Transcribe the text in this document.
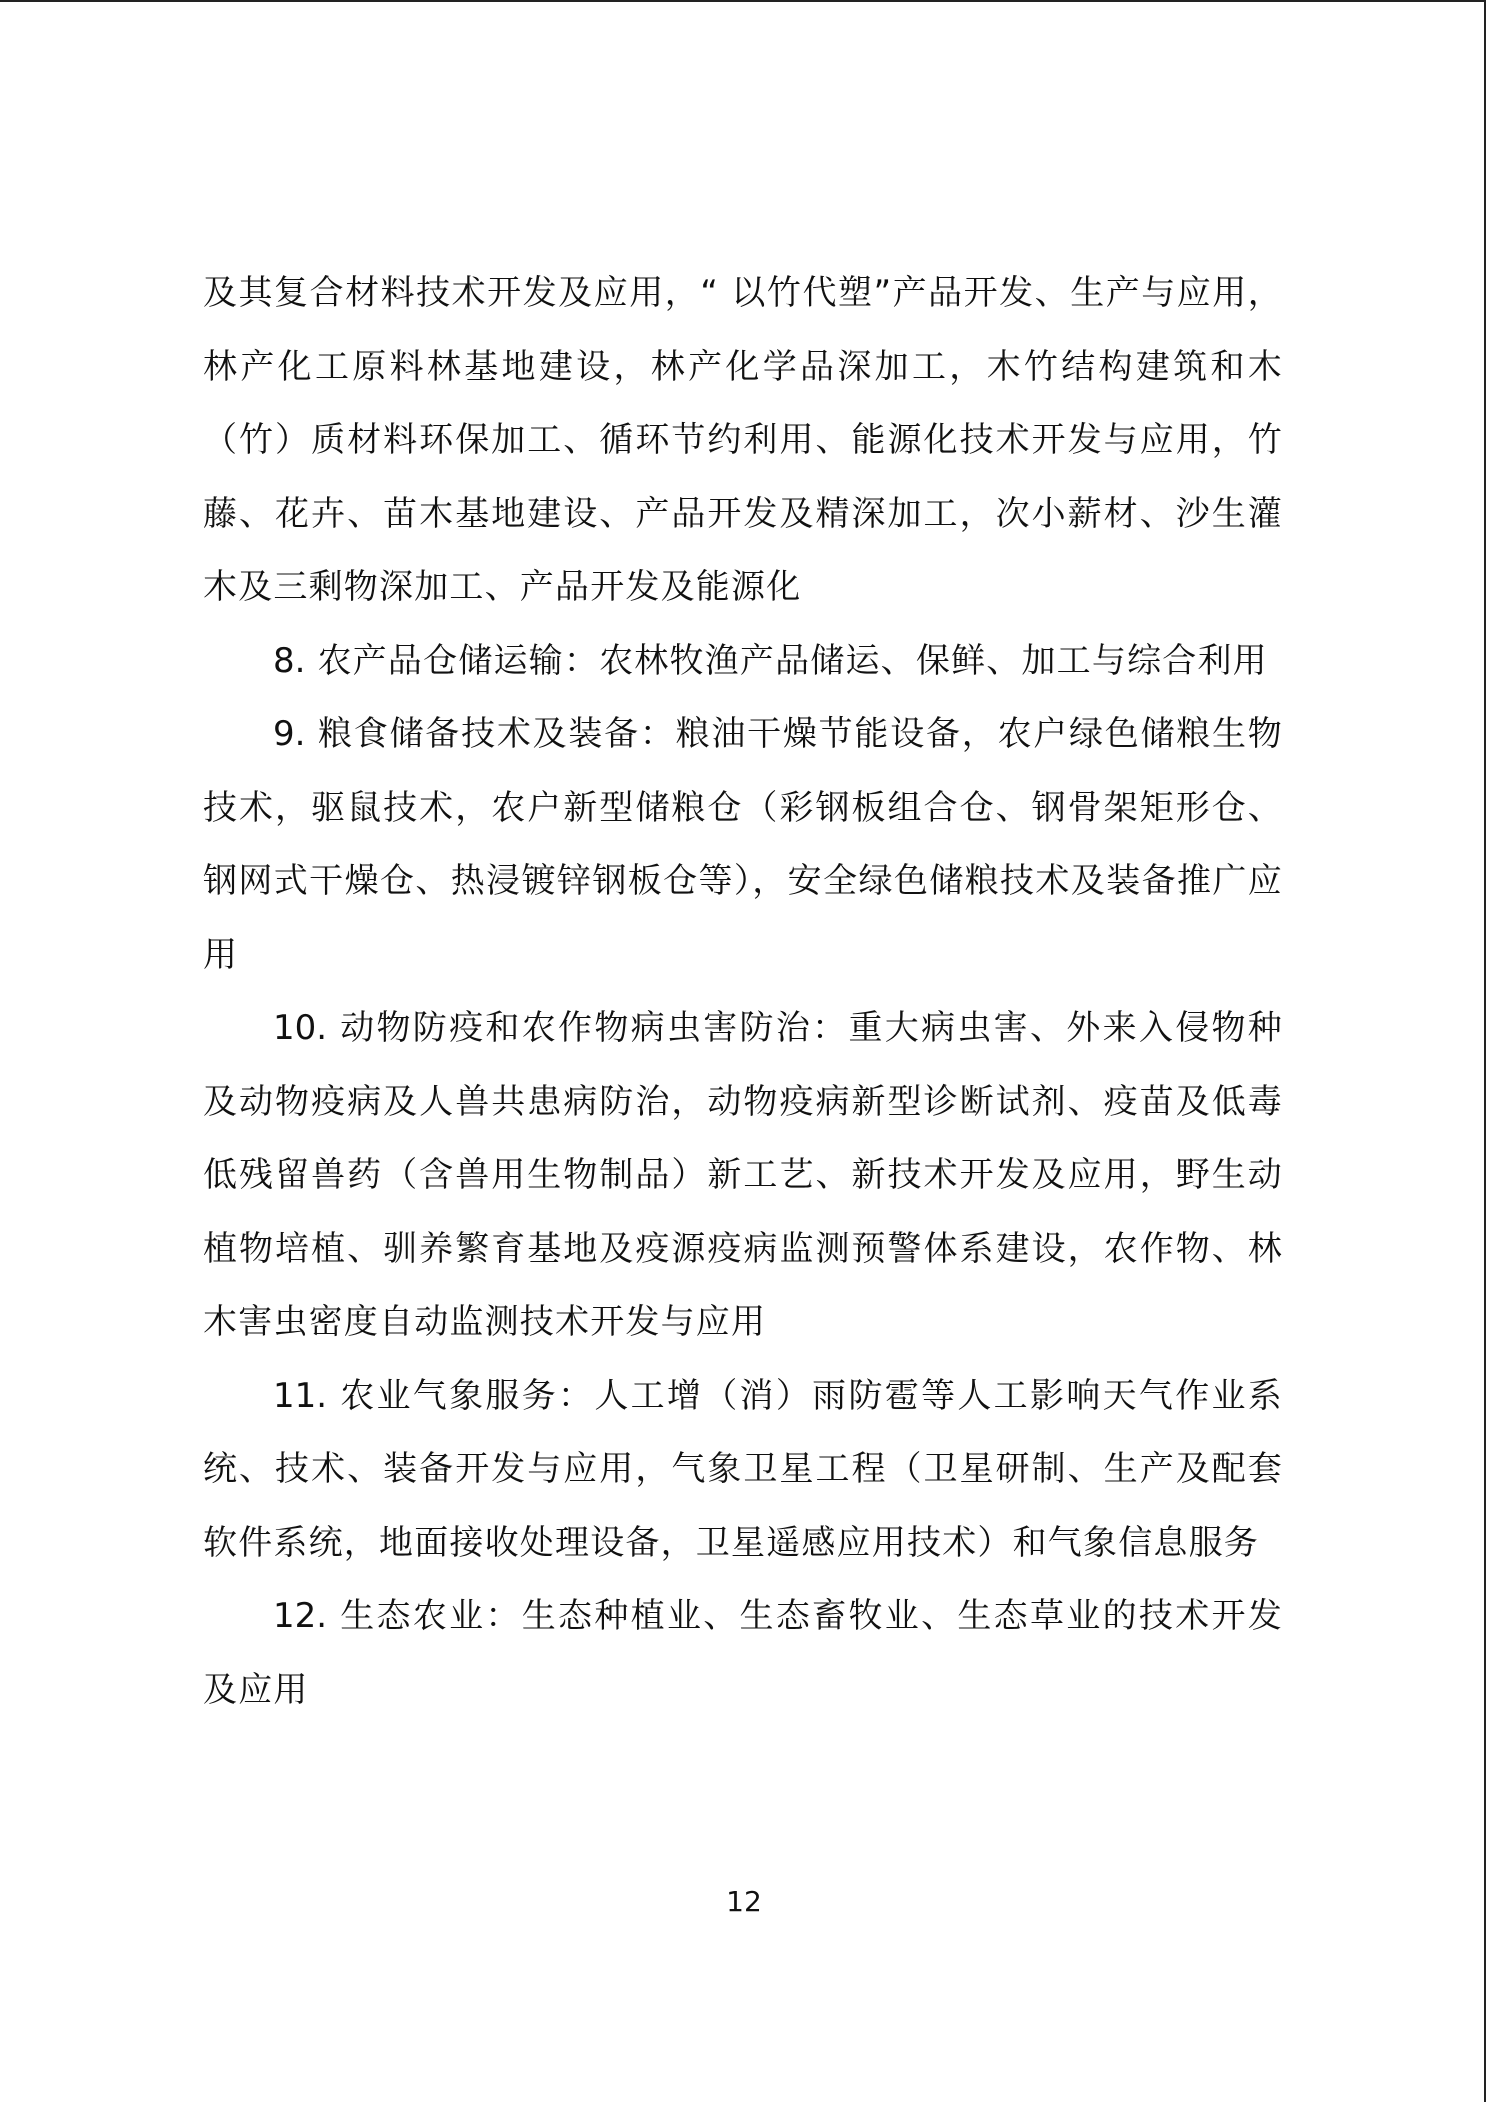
及其复合材料技术开发及应用，“ 以竹代塑”产品开发、生产与应用，林产化工原料林基地建设，林产化学品深加工，木竹结构建筑和木（竹）质材料环保加工、循环节约利用、能源化技术开发与应用，竹藤、花卉、苗木基地建设、产品开发及精深加工，次小薪材、沙生灌木及三剩物深加工、产品开发及能源化

8. 农产品仓储运输：农林牧渔产品储运、保鲜、加工与综合利用

9. 粮食储备技术及装备：粮油干燥节能设备，农户绿色储粮生物技术，驱鼠技术，农户新型储粮仓（彩钢板组合仓、钢骨架矩形仓、钢网式干燥仓、热浸镀锌钢板仓等），安全绿色储粮技术及装备推广应用

10. 动物防疫和农作物病虫害防治：重大病虫害、外来入侵物种及动物疫病及人兽共患病防治，动物疫病新型诊断试剂、疫苗及低毒低残留兽药（含兽用生物制品）新工艺、新技术开发及应用，野生动植物培植、驯养繁育基地及疫源疫病监测预警体系建设，农作物、林木害虫密度自动监测技术开发与应用

11. 农业气象服务：人工增（消）雨防雹等人工影响天气作业系统、技术、装备开发与应用，气象卫星工程（卫星研制、生产及配套软件系统，地面接收处理设备，卫星遥感应用技术）和气象信息服务

12. 生态农业：生态种植业、生态畜牧业、生态草业的技术开发及应用

12
